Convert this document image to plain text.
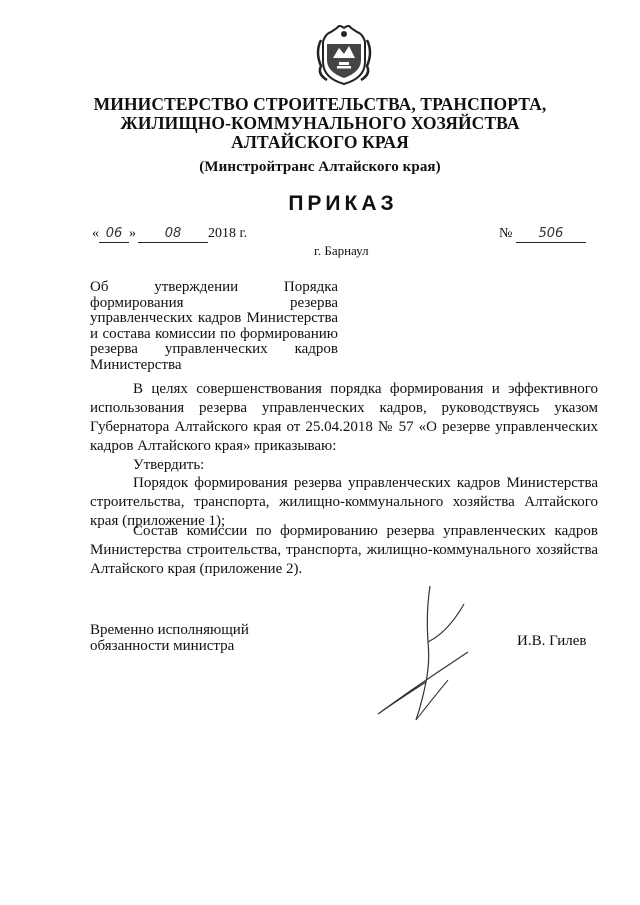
МИНИСТЕРСТВО СТРОИТЕЛЬСТВА, ТРАНСПОРТА,
ЖИЛИЩНО-КОММУНАЛЬНОГО ХОЗЯЙСТВА
АЛТАЙСКОГО КРАЯ
(Минстройтранс Алтайского края)
ПРИКАЗ
« 06 » 08 2018 г.	№ 506
г. Барнаул
Об утверждении Порядка формирования резерва управленческих кадров Министерства и состава комиссии по формированию резерва управленческих кадров Министерства
В целях совершенствования порядка формирования и эффективного использования резерва управленческих кадров, руководствуясь указом Губернатора Алтайского края от 25.04.2018 № 57 «О резерве управленческих кадров Алтайского края» приказываю:
Утвердить:
Порядок формирования резерва управленческих кадров Министерства строительства, транспорта, жилищно-коммунального хозяйства Алтайского края (приложение 1);
Состав комиссии по формированию резерва управленческих кадров Министерства строительства, транспорта, жилищно-коммунального хозяйства Алтайского края (приложение 2).
Временно исполняющий
обязанности министра	И.В. Гилев
